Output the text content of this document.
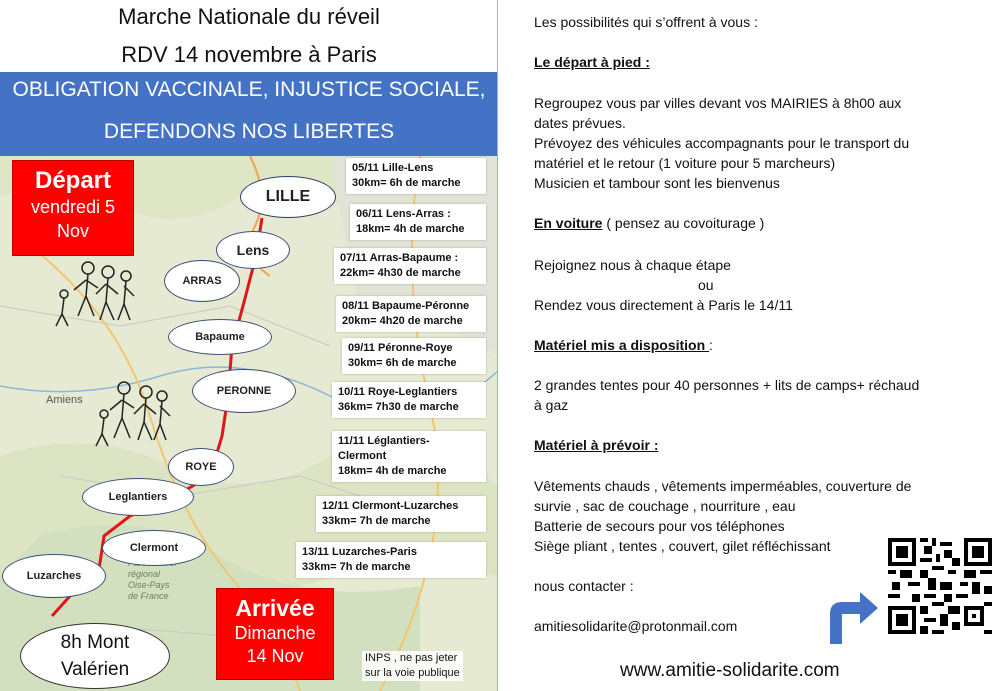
Marche Nationale du réveil
RDV 14 novembre à Paris
OBLIGATION VACCINALE, INJUSTICE SOCIALE,
DEFENDONS NOS LIBERTES
Amiens
régional
Oise-Pays
de France
Départ
vendredi 5
Nov
LILLE
Lens
ARRAS
Bapaume
PERONNE
ROYE
Leglantiers
Clermont
Luzarches
05/11 Lille-Lens
30km= 6h de marche
06/11 Lens-Arras :
18km= 4h de marche
07/11 Arras-Bapaume :
22km= 4h30 de marche
08/11 Bapaume-Péronne
20km= 4h20 de marche
09/11 Péronne-Roye
30km= 6h de marche
10/11 Roye-Leglantiers
36km= 7h30 de marche
11/11 Léglantiers-
Clermont
18km= 4h de marche
12/11 Clermont-Luzarches
33km= 7h de marche
13/11 Luzarches-Paris
33km= 7h de marche
Arrivée
Dimanche
14 Nov
8h Mont
Valérien
INPS , ne pas jeter
sur la voie publique
Les possibilités qui s’offrent à vous :
Le départ à pied :
Regroupez vous par villes devant vos MAIRIES à 8h00 aux
dates prévues.
Prévoyez des véhicules accompagnants pour le transport du
matériel et le retour (1 voiture pour 5 marcheurs)
Musicien et tambour sont les bienvenus
En voiture ( pensez au covoiturage )
Rejoignez nous à chaque étape
ou
Rendez vous directement à Paris le 14/11
Matériel mis a disposition :
2 grandes tentes pour 40 personnes + lits de camps+ réchaud
à gaz
Matériel à prévoir :
Vêtements chauds , vêtements imperméables, couverture de
survie , sac de couchage , nourriture , eau
Batterie de secours pour vos téléphones
Siège pliant , tentes , couvert, gilet réfléchissant
nous contacter :
amitiesolidarite@protonmail.com
www.amitie-solidarite.com
